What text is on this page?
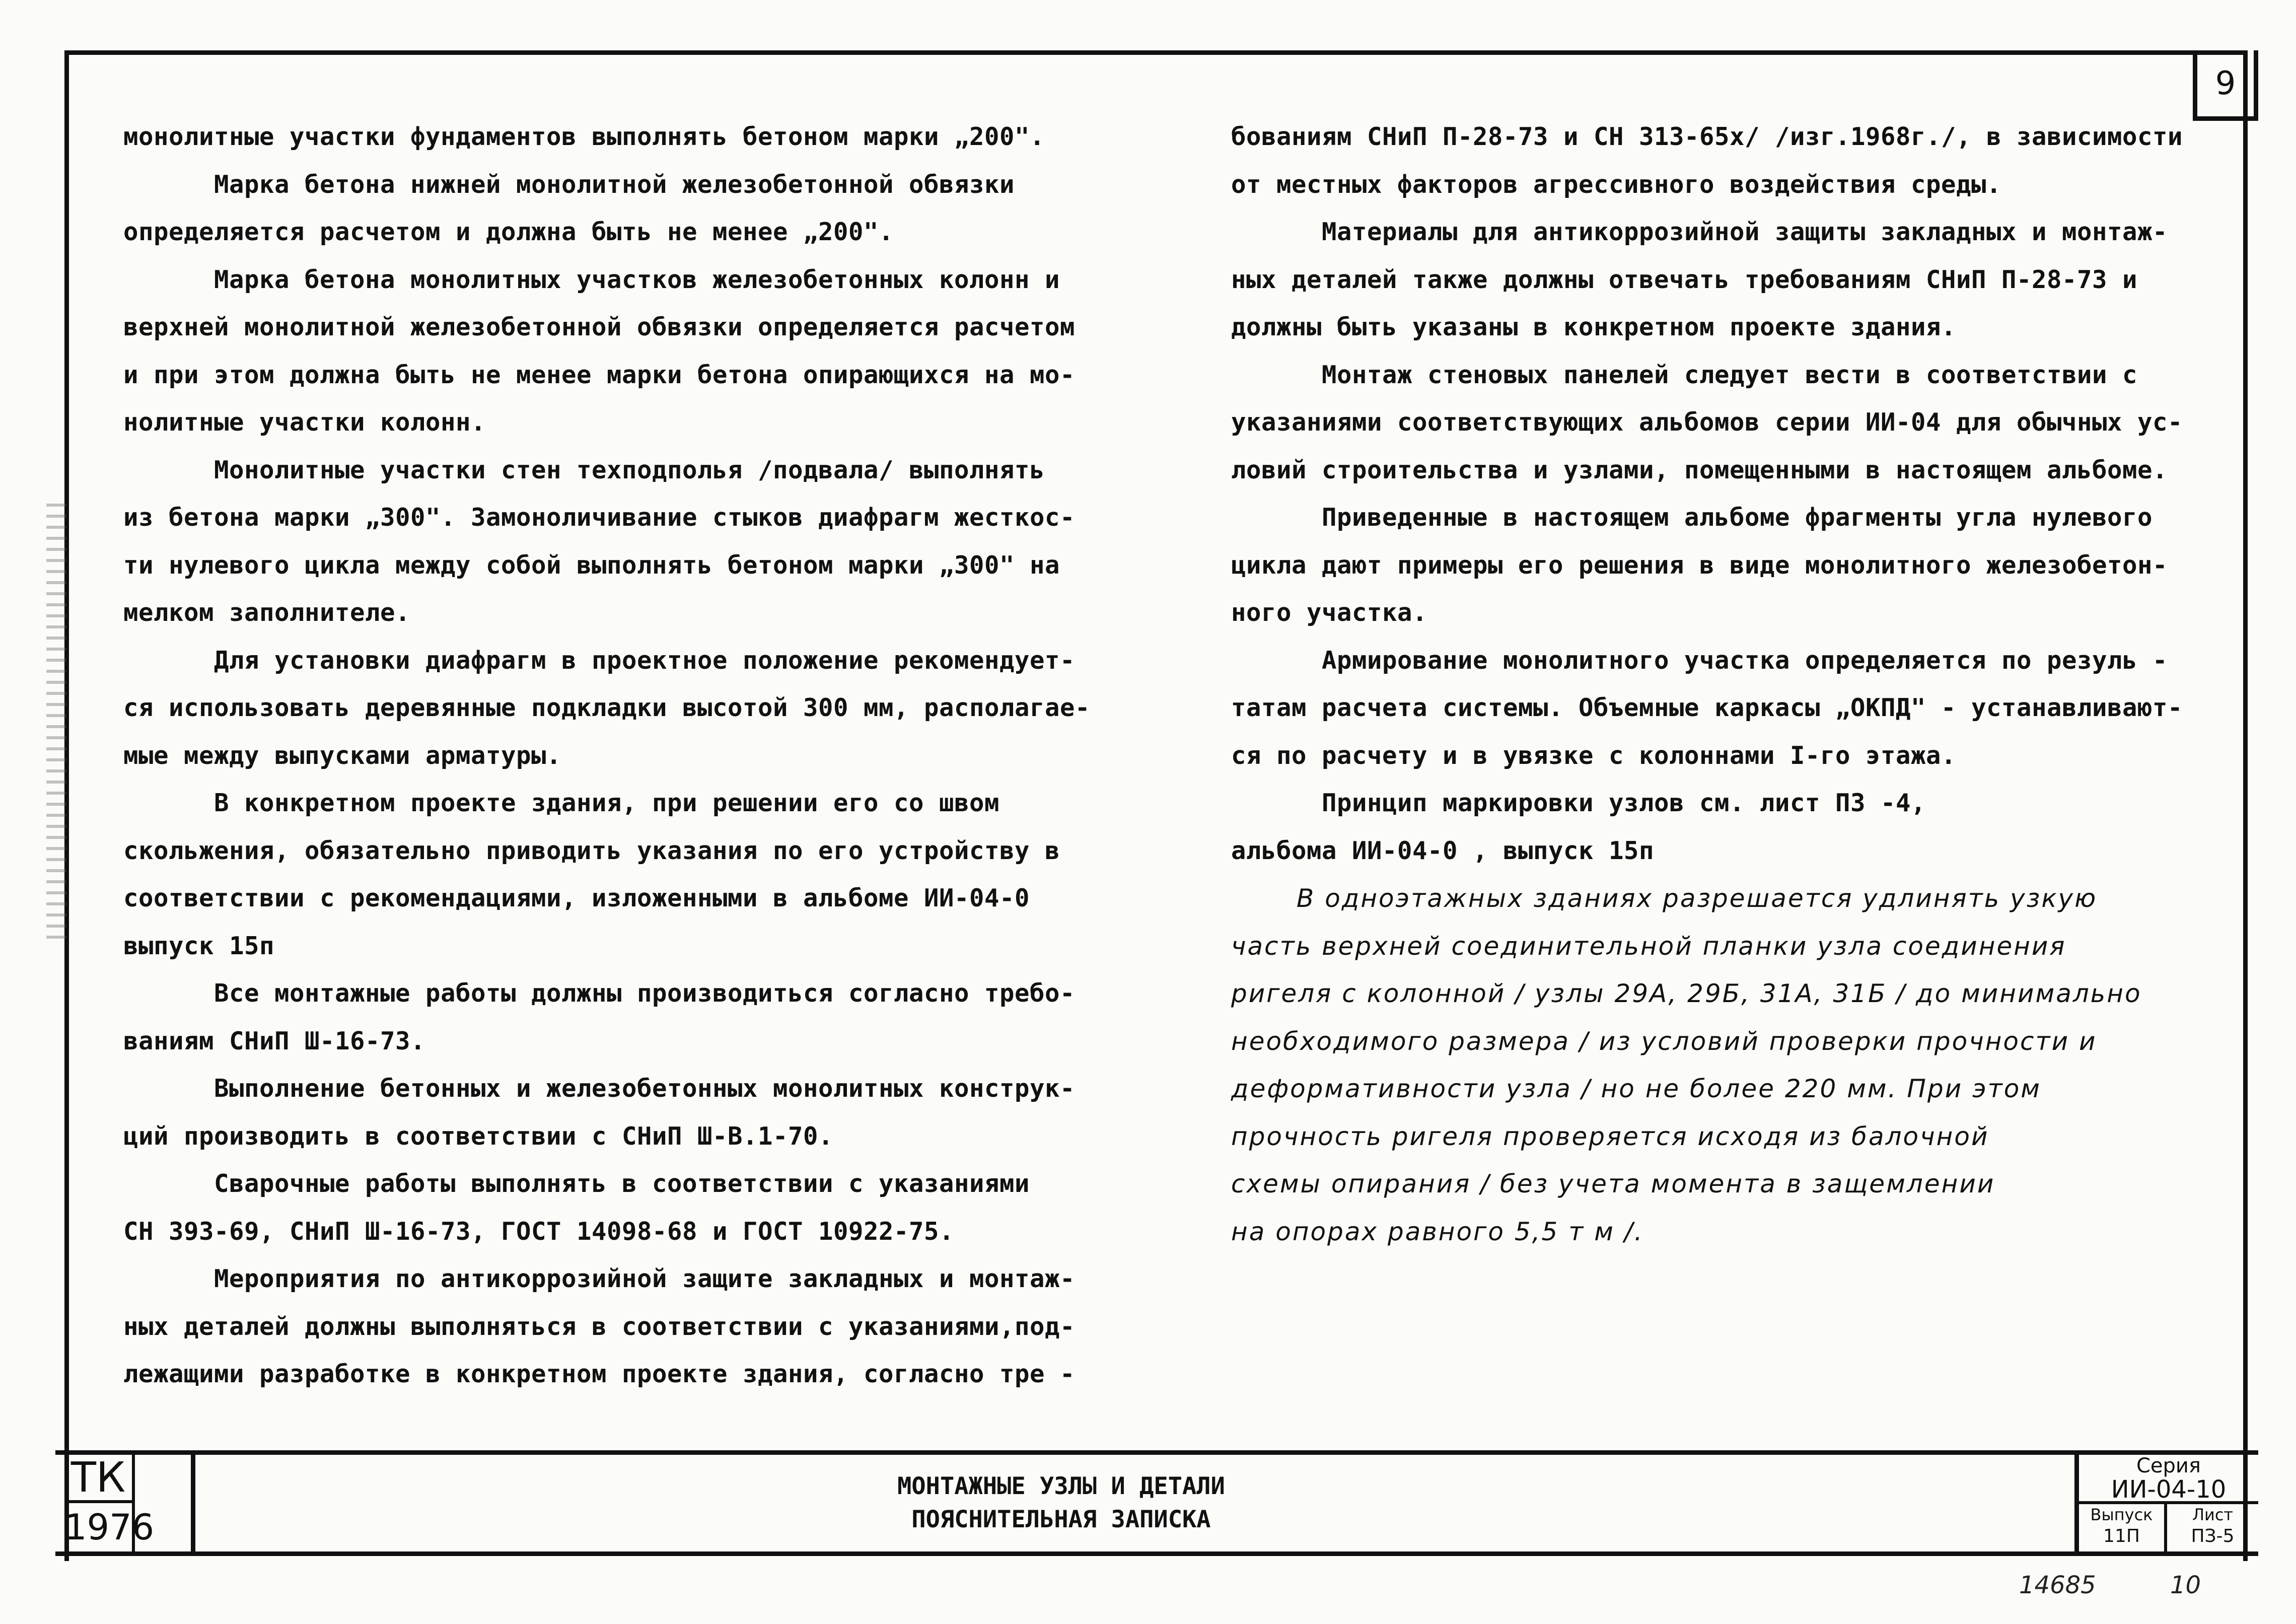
9
монолитные участки фундаментов выполнять бетоном марки „200".
Марка бетона нижней монолитной железобетонной обвязки
определяется расчетом и должна быть не менее „200".
Марка бетона монолитных участков железобетонных колонн и
верхней монолитной железобетонной обвязки определяется расчетом
и при этом должна быть не менее марки бетона опирающихся на мо-
нолитные участки колонн.
Монолитные участки стен техподполья /подвала/ выполнять
из бетона марки „300". Замоноличивание стыков диафрагм жесткос-
ти нулевого цикла между собой выполнять бетоном марки „300" на
мелком заполнителе.
Для установки диафрагм в проектное положение рекомендует-
ся использовать деревянные подкладки высотой 300 мм, располагае-
мые между выпусками арматуры.
В конкретном проекте здания, при решении его со швом
скольжения, обязательно приводить указания по его устройству в
соответствии с рекомендациями, изложенными в альбоме ИИ-04-0
выпуск 15п
Все монтажные работы должны производиться согласно требо-
ваниям СНиП Ш-16-73.
Выполнение бетонных и железобетонных монолитных конструк-
ций производить в соответствии с СНиП Ш-В.1-70.
Сварочные работы выполнять в соответствии с указаниями
СН 393-69, СНиП Ш-16-73, ГОСТ 14098-68 и ГОСТ 10922-75.
Мероприятия по антикоррозийной защите закладных и монтаж-
ных деталей должны выполняться в соответствии с указаниями,под-
лежащими разработке в конкретном проекте здания, согласно тре -
бованиям СНиП П-28-73 и СН 313-65х/ /изг.1968г./, в зависимости
от местных факторов агрессивного воздействия среды.
Материалы для антикоррозийной защиты закладных и монтаж-
ных деталей также должны отвечать требованиям СНиП П-28-73 и
должны быть указаны в конкретном проекте здания.
Монтаж стеновых панелей следует вести в соответствии с
указаниями соответствующих альбомов серии ИИ-04 для обычных ус-
ловий строительства и узлами, помещенными в настоящем альбоме.
Приведенные в настоящем альбоме фрагменты угла нулевого
цикла дают примеры его решения в виде монолитного железобетон-
ного участка.
Армирование монолитного участка определяется по резуль -
татам расчета системы. Объемные каркасы „ОКПД" - устанавливают-
ся по расчету и в увязке с колоннами I-го этажа.
Принцип маркировки узлов см. лист ПЗ -4,
альбома ИИ-04-0 , выпуск 15п
В одноэтажных зданиях разрешается удлинять узкую
часть верхней соединительной планки узла соединения
ригеля с колонной / узлы 29А, 29Б, 31А, 31Б / до минимально
необходимого размера / из условий проверки прочности и
деформативности узла / но не более 220 мм. При этом
прочность ригеля проверяется исходя из балочной
схемы опирания / без учета момента в защемлении
на опорах равного 5,5 т м /.
ТК
1976
МОНТАЖНЫЕ УЗЛЫ И ДЕТАЛИ
ПОЯСНИТЕЛЬНАЯ ЗАПИСКА
Серия
ИИ-04-10
Выпуск
11П
Лист
ПЗ-5
14685	10
